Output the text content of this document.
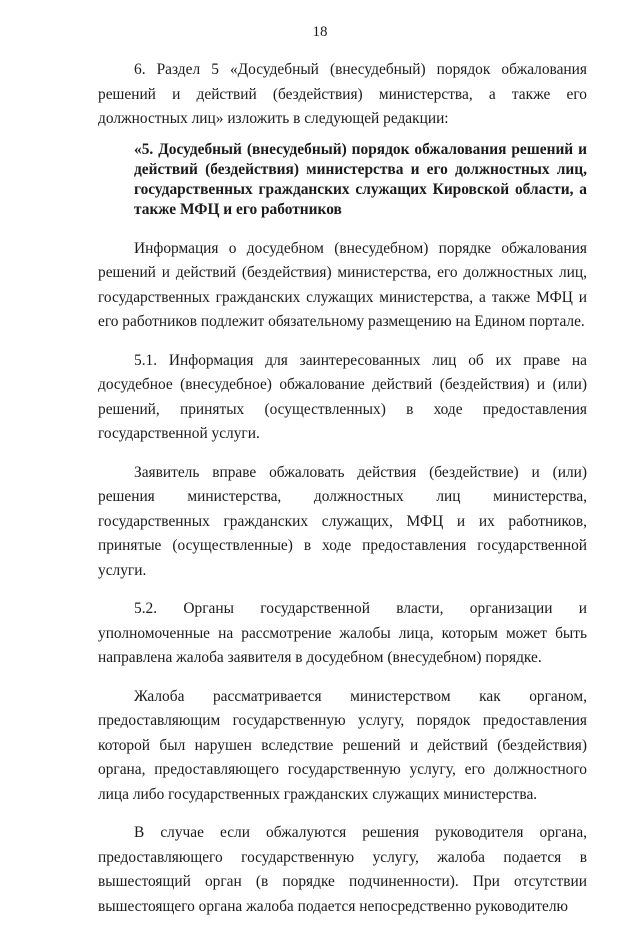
18

6. Раздел 5 «Досудебный (внесудебный) порядок обжалования решений и действий (бездействия) министерства, а также его должностных лиц» изложить в следующей редакции:

«5. Досудебный (внесудебный) порядок обжалования решений и действий (бездействия) министерства и его должностных лиц, государственных гражданских служащих Кировской области, а также МФЦ и его работников

Информация о досудебном (внесудебном) порядке обжалования решений и действий (бездействия) министерства, его должностных лиц, государственных гражданских служащих министерства, а также МФЦ и его работников подлежит обязательному размещению на Едином портале.

5.1. Информация для заинтересованных лиц об их праве на досудебное (внесудебное) обжалование действий (бездействия) и (или) решений, принятых (осуществленных) в ходе предоставления государственной услуги.

Заявитель вправе обжаловать действия (бездействие) и (или) решения министерства, должностных лиц министерства, государственных гражданских служащих, МФЦ и их работников, принятые (осуществленные) в ходе предоставления государственной услуги.

5.2. Органы государственной власти, организации и уполномоченные на рассмотрение жалобы лица, которым может быть направлена жалоба заявителя в досудебном (внесудебном) порядке.

Жалоба рассматривается министерством как органом, предоставляющим государственную услугу, порядок предоставления которой был нарушен вследствие решений и действий (бездействия) органа, предоставляющего государственную услугу, его должностного лица либо государственных гражданских служащих министерства.

В случае если обжалуются решения руководителя органа, предоставляющего государственную услугу, жалоба подается в вышестоящий орган (в порядке подчиненности). При отсутствии вышестоящего органа жалоба подается непосредственно руководителю
